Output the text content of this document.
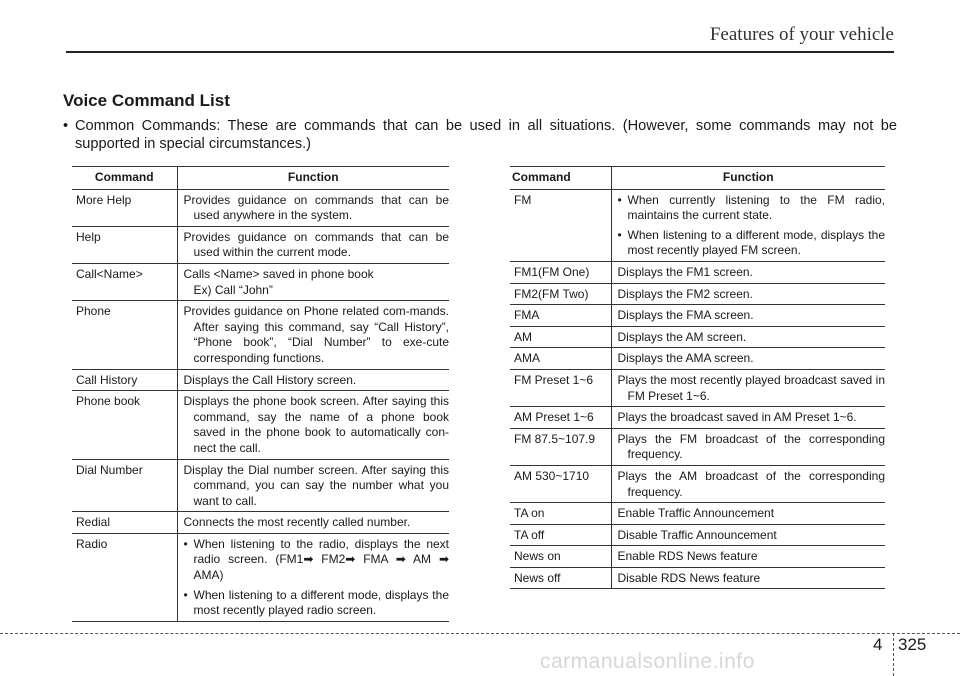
Features of your vehicle
Voice Command List
• Common Commands: These are commands that can be used in all situations. (However, some commands may not be supported in special circumstances.)
Command	Function
More Help	Provides guidance on commands that can be used anywhere in the system.

Help	Provides guidance on commands that can be used within the current mode.

Call<Name>	Calls <Name> saved in phone book
Ex) Call “John”

Phone	Provides guidance on Phone related com-mands. After saying this command, say “Call History”, “Phone book”, “Dial Number” to exe-cute corresponding functions.

Call History	Displays the Call History screen.

Phone book	Displays the phone book screen. After saying this command, say the name of a phone book saved in the phone book to automatically con-nect the call.

Dial Number	Display the Dial number screen. After saying this command, you can say the number what you want to call.

Redial	Connects the most recently called number.

Radio	• When listening to the radio, displays the next radio screen. (FM1➡ FM2➡ FMA ➡ AM ➡ AMA)
• When listening to a different mode, displays the most recently played radio screen.
Command	Function
FM	• When currently listening to the FM radio, maintains the current state.
• When listening to a different mode, displays the most recently played FM screen.

FM1(FM One)	Displays the FM1 screen.
FM2(FM Two)	Displays the FM2 screen.
FMA	Displays the FMA screen.
AM	Displays the AM screen.
AMA	Displays the AMA screen.
FM Preset 1~6	Plays the most recently played broadcast saved in FM Preset 1~6.

AM Preset 1~6	Plays the broadcast saved in AM Preset 1~6.
FM 87.5~107.9	Plays the FM broadcast of the corresponding frequency.

AM 530~1710	Plays the AM broadcast of the corresponding frequency.

TA on	Enable Traffic Announcement
TA off	Disable Traffic Announcement
News on	Enable RDS News feature
News off	Disable RDS News feature
4 325
carmanualsonline.info
